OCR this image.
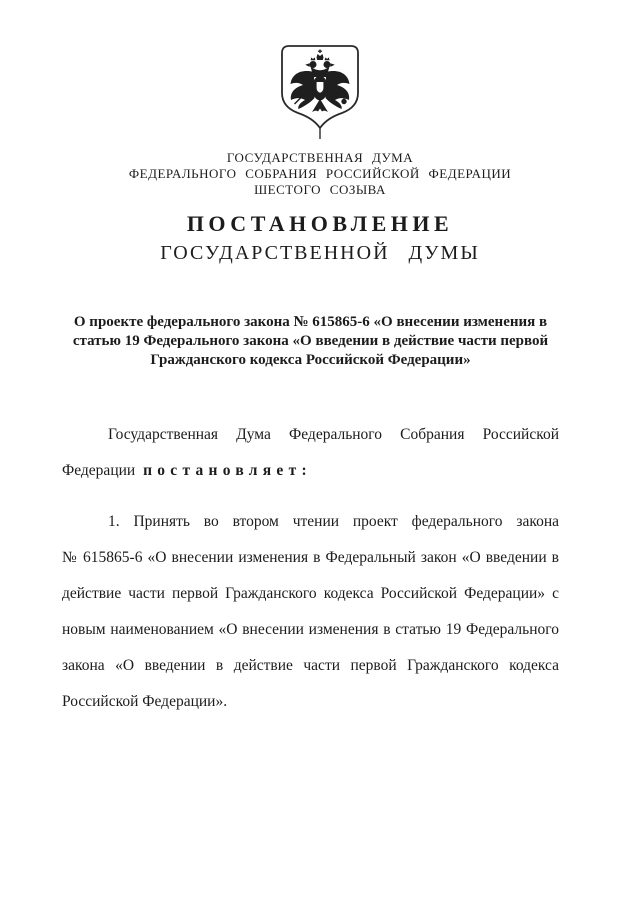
ГОСУДАРСТВЕННАЯ ДУМА
ФЕДЕРАЛЬНОГО СОБРАНИЯ РОССИЙСКОЙ ФЕДЕРАЦИИ
ШЕСТОГО СОЗЫВА
ПОСТАНОВЛЕНИЕ
ГОСУДАРСТВЕННОЙ ДУМЫ
О проекте федерального закона № 615865-6 «О внесении изменения в
статью 19 Федерального закона «О введении в действие части первой
Гражданского кодекса Российской Федерации»
Государственная Дума Федерального Собрания Российской
Федерации постановляет:
1. Принять во втором чтении проект федерального закона
№ 615865-6 «О внесении изменения в Федеральный закон «О введении в
действие части первой Гражданского кодекса Российской Федерации» с
новым наименованием «О внесении изменения в статью 19 Федерального
закона «О введении в действие части первой Гражданского кодекса
Российской Федерации».
